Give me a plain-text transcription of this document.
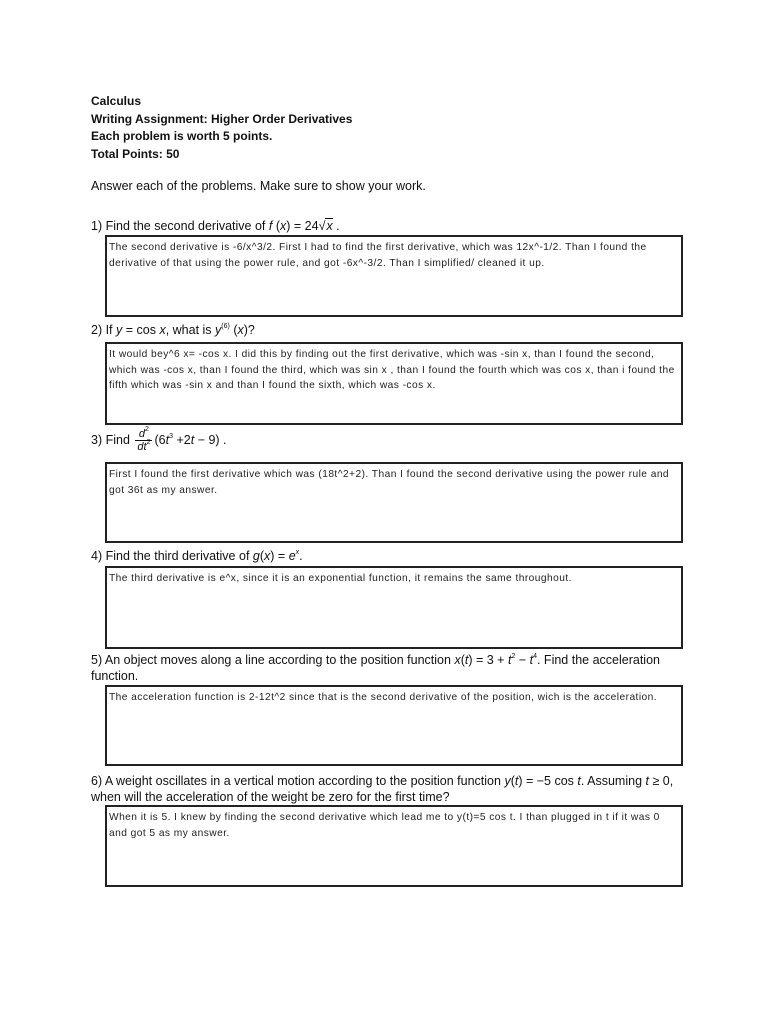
Calculus
Writing Assignment: Higher Order Derivatives
Each problem is worth 5 points.
Total Points: 50
Answer each of the problems. Make sure to show your work.
1) Find the second derivative of f (x) = 24√x .
The second derivative is -6/x^3/2. First I had to find the first derivative, which was 12x^-1/2. Than I found the derivative of that using the power rule, and got -6x^-3/2. Than I simplified/ cleaned it up.
2) If y = cos x, what is $y^{(6)}$ (x)?
It would bey^6 x= -cos x. I did this by finding out the first derivative, which was -sin x, than I found the second, which was -cos x, than I found the third, which was sin x , than I found the fourth which was cos x, than i found the fifth which was -sin x and than I found the sixth, which was -cos x.
3) Find $\frac{d^2}{dt^2} (6t^3 +2t - 9)$ .
First I found the first derivative which was (18t^2+2). Than I found the second derivative using the power rule and got 36t as my answer.
4) Find the third derivative of $g(x) = e^x$.
The third derivative is e^x, since it is an exponential function, it remains the same throughout.
5) An object moves along a line according to the position function $x(t) = 3 + t^2 - t^4$. Find the acceleration
function.
The acceleration function is 2-12t^2 since that is the second derivative of the position, wich is the acceleration.
6) A weight oscillates in a vertical motion according to the position function y(t) = −5 cos t. Assuming t ≥ 0,
when will the acceleration of the weight be zero for the first time?
When it is 5. I knew by finding the second derivative which lead me to y(t)=5 cos t. I than plugged in t if it was 0 and got 5 as my answer.
